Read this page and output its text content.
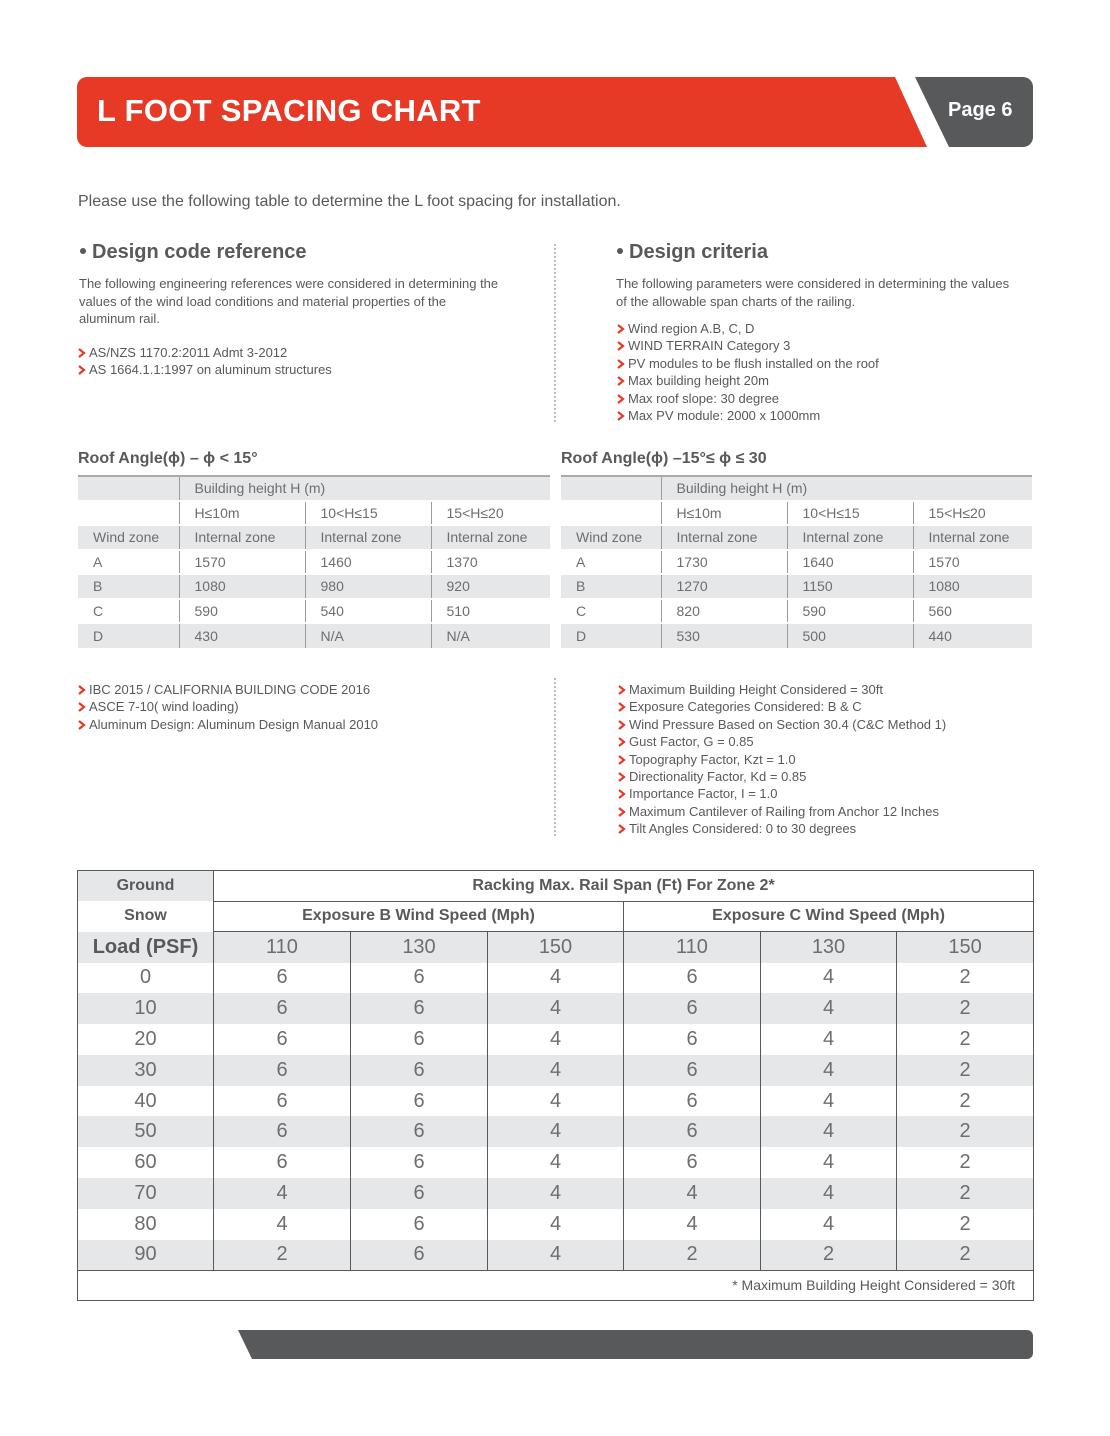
L FOOT SPACING CHART	Page 6
Please use the following table to determine the L foot spacing for installation.
Design code reference
The following engineering references were considered in determining the values of the wind load conditions and material properties of the aluminum rail.
AS/NZS 1170.2:2011 Admt 3-2012
AS 1664.1.1:1997 on aluminum structures
Design criteria
The following parameters were considered in determining the values of the allowable span charts of the railing.
Wind region A.B, C, D
WIND TERRAIN Category 3
PV modules to be flush installed on the roof
Max building height 20m
Max roof slope: 30 degree
Max PV module: 2000 x 1000mm
Roof Angle(ϕ) – ϕ < 15°
	Building height H (m)		
	H≤10m	10<H≤15	15<H≤20
Wind zone	Internal zone	Internal zone	Internal zone
A	1570	1460	1370
B	1080	980	920
C	590	540	510
D	430	N/A	N/A
Roof Angle(ϕ) –15°≤ ϕ ≤ 30
	Building height H (m)		
	H≤10m	10<H≤15	15<H≤20
Wind zone	Internal zone	Internal zone	Internal zone
A	1730	1640	1570
B	1270	1150	1080
C	820	590	560
D	530	500	440
IBC 2015 / CALIFORNIA BUILDING CODE 2016
ASCE 7-10( wind loading)
Aluminum Design: Aluminum Design Manual 2010
Maximum Building Height Considered = 30ft
Exposure Categories Considered: B & C
Wind Pressure Based on Section 30.4 (C&C Method 1)
Gust Factor, G = 0.85
Topography Factor, Kzt = 1.0
Directionality Factor, Kd = 0.85
Importance Factor, I = 1.0
Maximum Cantilever of Railing from Anchor 12 Inches
Tilt Angles Considered: 0 to 30 degrees
Ground	Racking Max. Rail Span (Ft) For Zone 2*					
Snow	Exposure B Wind Speed (Mph)			Exposure C Wind Speed (Mph)		
Load (PSF)	110	130	150	110	130	150
0	6	6	4	6	4	2
10	6	6	4	6	4	2
20	6	6	4	6	4	2
30	6	6	4	6	4	2
40	6	6	4	6	4	2
50	6	6	4	6	4	2
60	6	6	4	6	4	2
70	4	6	4	4	4	2
80	4	6	4	4	4	2
90	2	6	4	2	2	2
* Maximum Building Height Considered = 30ft						
